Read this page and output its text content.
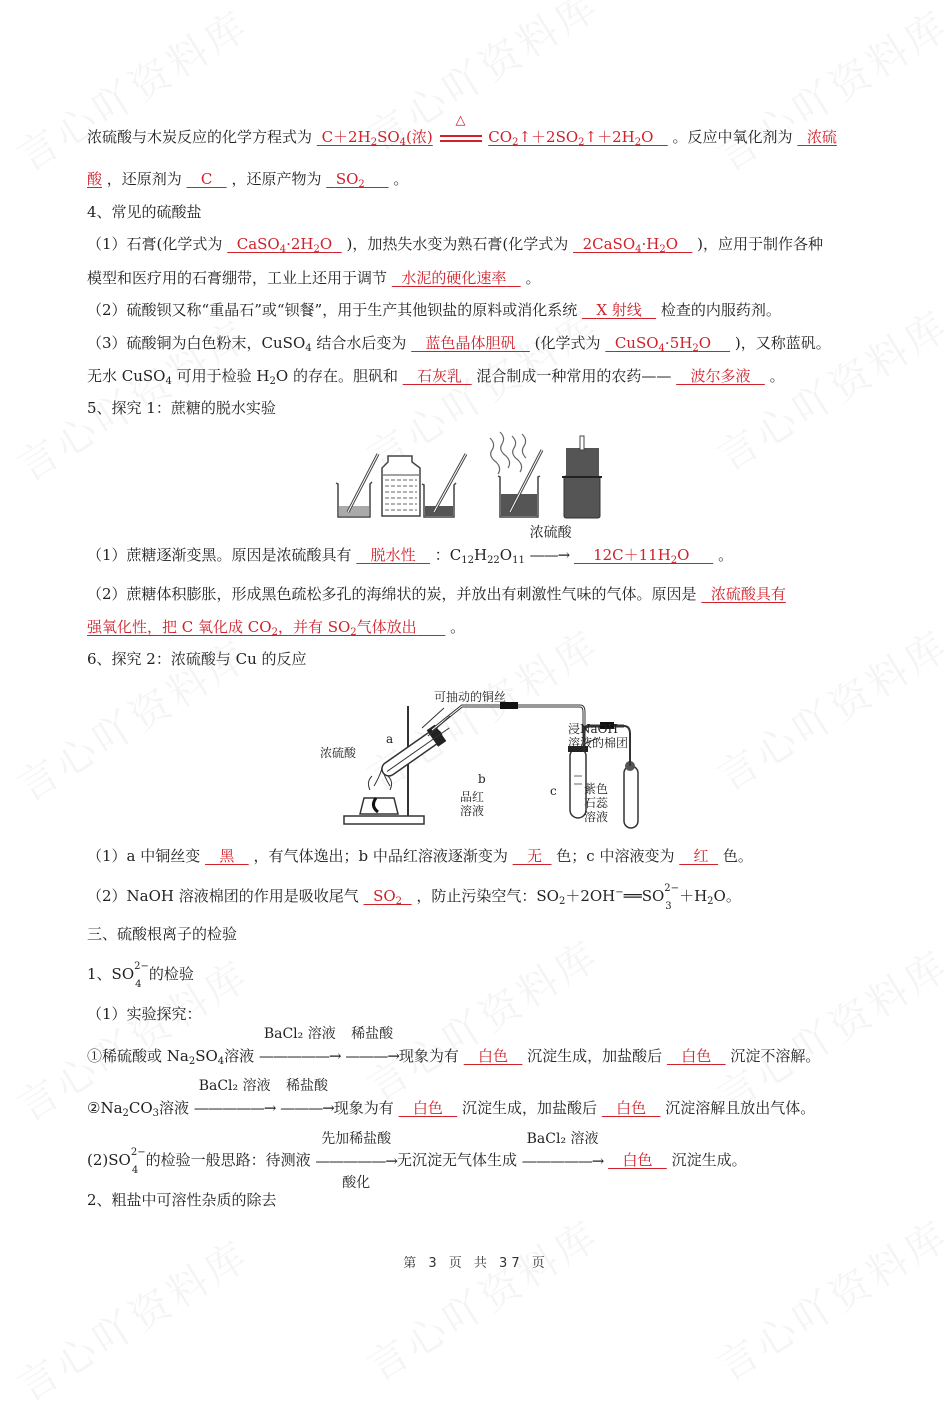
浓硫酸与木炭反应的化学方程式为 $C+2H_2SO_4$(浓)
△
$CO_2↑+2SO_2↑+2H_2O$ 。反应中氧化剂为 浓硫
酸 ，还原剂为 C ，还原产物为 $SO_2$ 。
4、常见的硫酸盐
（1）石膏(化学式为 $CaSO_4\cdot 2H_2O$ )，加热失水变为熟石膏(化学式为 $2CaSO_4\cdot H_2O$ )，应用于制作各种
模型和医疗用的石膏绷带，工业上还用于调节 水泥的硬化速率 。
（2）硫酸钡又称“重晶石”或“钡餐”，用于生产其他钡盐的原料或消化系统 X 射线 检查的内服药剂。
（3）硫酸铜为白色粉末，CuSO$_4$ 结合水后变为 蓝色晶体胆矾 (化学式为 $CuSO_4\cdot 5H_2O$ )，又称蓝矾。
无水 CuSO$_4$ 可用于检验 $H_2O$ 的存在。胆矾和 石灰乳 混合制成一种常用的农药—— 波尔多液 。
5、探究 1：蔗糖的脱水实验
（1）蔗糖逐渐变黑。原因是浓硫酸具有 脱水性 ：$C_{12}H_{22}O_{11}$
浓硫酸
——→ $12C+11H_2O$ 。
（2）蔗糖体积膨胀，形成黑色疏松多孔的海绵状的炭，并放出有刺激性气味的气体。原因是 浓硫酸具有
强氧化性，把 C 氧化成 $CO_2$，并有 $SO_2$气体放出 。
6、探究 2：浓硫酸与 Cu 的反应
可抽动的铜丝
浓硫酸
a
b
品红
溶液
c
浸NaOH
溶液的棉团
紫色
石蕊
溶液
（1）a 中铜丝变 黑 ，有气体逸出；b 中品红溶液逐渐变为 无 色；c 中溶液变为 红 色。
（2）NaOH 溶液棉团的作用是吸收尾气 $SO_2$ ，防止污染空气：$SO_2+2OH^-══SO$ 2−
3
$+H_2O$。
三、硫酸根离子的检验
1、SO 2−
4
的检验
（1）实验探究：
①稀硫酸或 $Na_2SO_4$溶液
BaCl₂ 溶液
—————→
稀盐酸
———→现象为有 白色 沉淀生成，加盐酸后 白色 沉淀不溶解。
$②Na_2CO_3$溶液
BaCl₂ 溶液
—————→
稀盐酸
———→现象为有 白色 沉淀生成，加盐酸后 白色 沉淀溶解且放出气体。
(2)SO 2−
4
的检验一般思路：待测液
先加稀盐酸
—————→
酸化
无沉淀无气体生成
BaCl₂ 溶液
—————→ 白色 沉淀生成。
2、粗盐中可溶性杂质的除去
第 3 页 共 37 页
